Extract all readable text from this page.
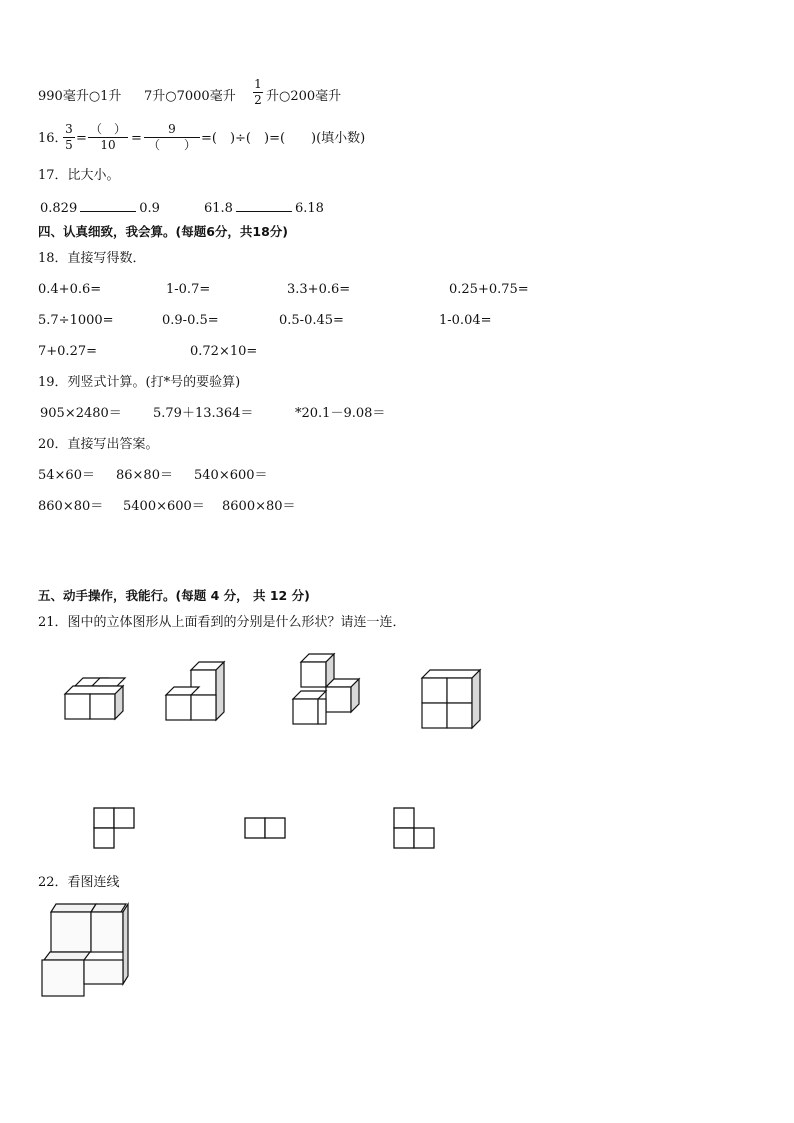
990毫升○1升 7升○7000毫升
1
2 升○200毫升
16．
3
5 =
（　）
10	=
9
（　　） =(　)÷(　)=(　　)(填小数)
17．比大小。
0.829	0.9	61.8	6.18
四、认真细致，我会算。(每题6分，共18分)
18．直接写得数．
0.4+0.6=	1-0.7=	3.3+0.6=	0.25+0.75=
5.7÷1000=	0.9-0.5=	0.5-0.45=	1-0.04=
7+0.27=	0.72×10=
19．列竖式计算。(打*号的要验算)
905×2480＝ 5.79＋13.364＝	*20.1－9.08＝
20．直接写出答案。
54×60＝ 86×80＝ 540×600＝
860×80＝ 5400×600＝ 8600×80＝
五、动手操作，我能行。(每题 4 分， 共 12 分)
21．图中的立体图形从上面看到的分别是什么形状？请连一连．
22．看图连线
